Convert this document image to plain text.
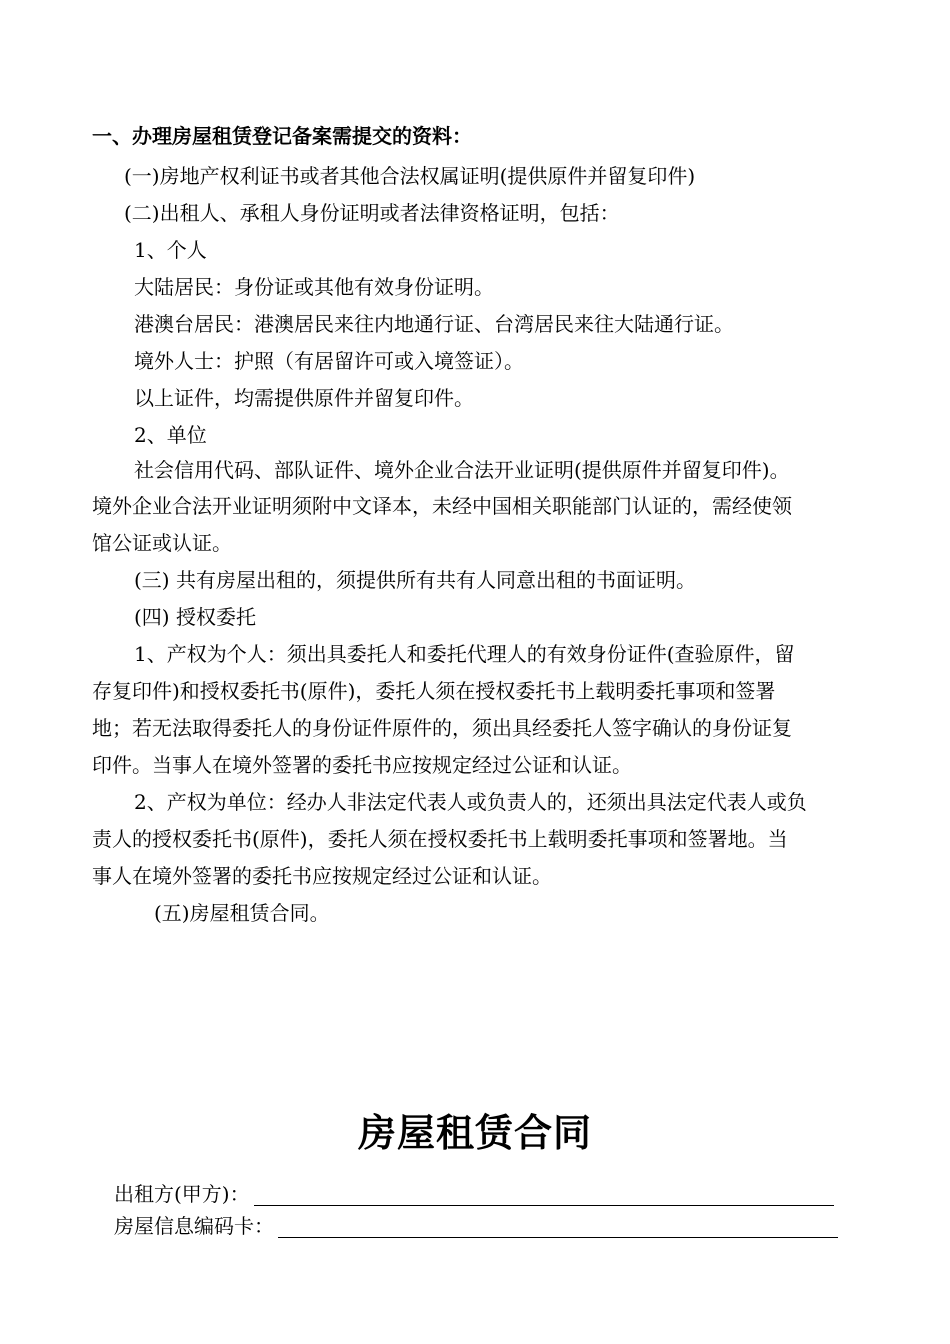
一、办理房屋租赁登记备案需提交的资料：
(一)房地产权利证书或者其他合法权属证明(提供原件并留复印件)
(二)出租人、承租人身份证明或者法律资格证明，包括：
1、个人
大陆居民：身份证或其他有效身份证明。
港澳台居民：港澳居民来往内地通行证、台湾居民来往大陆通行证。
境外人士：护照（有居留许可或入境签证）。
以上证件，均需提供原件并留复印件。
2、单位
社会信用代码、部队证件、境外企业合法开业证明(提供原件并留复印件)。
境外企业合法开业证明须附中文译本，未经中国相关职能部门认证的，需经使领
馆公证或认证。
(三) 共有房屋出租的，须提供所有共有人同意出租的书面证明。
(四) 授权委托
1、产权为个人：须出具委托人和委托代理人的有效身份证件(查验原件，留
存复印件)和授权委托书(原件)，委托人须在授权委托书上载明委托事项和签署
地；若无法取得委托人的身份证件原件的，须出具经委托人签字确认的身份证复
印件。当事人在境外签署的委托书应按规定经过公证和认证。
2、产权为单位：经办人非法定代表人或负责人的，还须出具法定代表人或负
责人的授权委托书(原件)，委托人须在授权委托书上载明委托事项和签署地。当
事人在境外签署的委托书应按规定经过公证和认证。
(五)房屋租赁合同。
房屋租赁合同
出租方(甲方)：
房屋信息编码卡：
